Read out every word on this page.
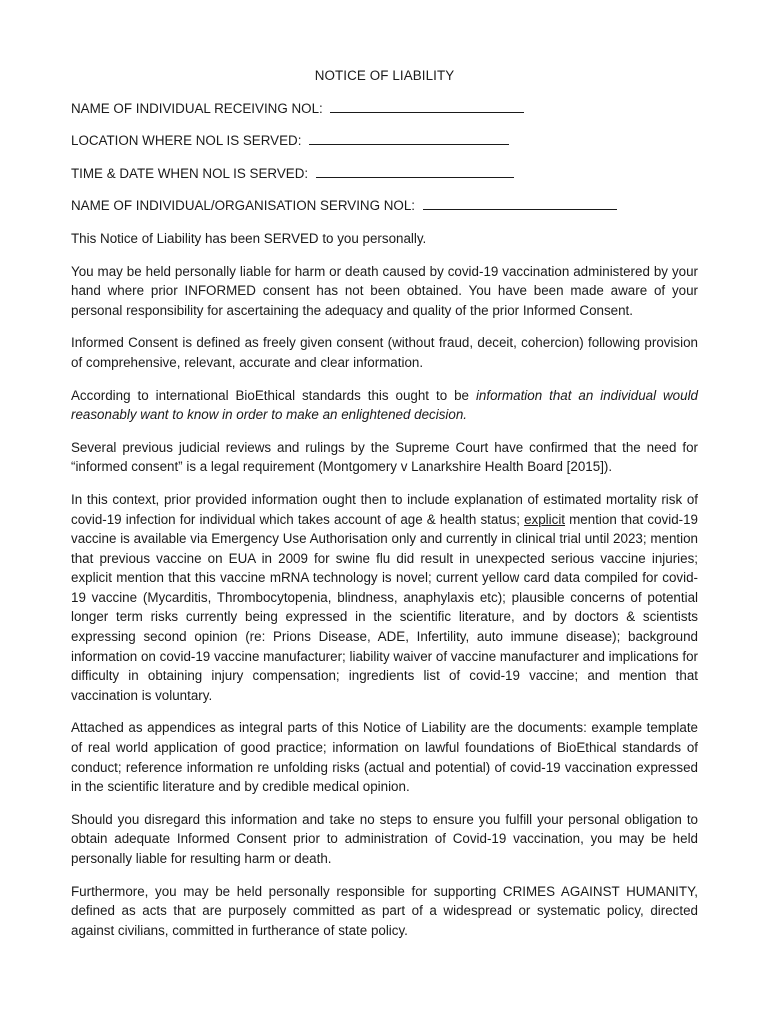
NOTICE OF LIABILITY
NAME OF INDIVIDUAL RECEIVING NOL:
LOCATION WHERE NOL IS SERVED:
TIME & DATE WHEN NOL IS SERVED:
NAME OF INDIVIDUAL/ORGANISATION SERVING NOL:

This Notice of Liability has been SERVED to you personally.

You may be held personally liable for harm or death caused by covid-19 vaccination administered by your hand where prior INFORMED consent has not been obtained. You have been made aware of your personal responsibility for ascertaining the adequacy and quality of the prior Informed Consent.

Informed Consent is defined as freely given consent (without fraud, deceit, cohercion) following provision of comprehensive, relevant, accurate and clear information.

According to international BioEthical standards this ought to be information that an individual would reasonably want to know in order to make an enlightened decision.

Several previous judicial reviews and rulings by the Supreme Court have confirmed that the need for “informed consent” is a legal requirement (Montgomery v Lanarkshire Health Board [2015]).

In this context, prior provided information ought then to include explanation of estimated mortality risk of covid-19 infection for individual which takes account of age & health status; explicit mention that covid-19 vaccine is available via Emergency Use Authorisation only and currently in clinical trial until 2023; mention that previous vaccine on EUA in 2009 for swine flu did result in unexpected serious vaccine injuries; explicit mention that this vaccine mRNA technology is novel; current yellow card data compiled for covid-19 vaccine (Mycarditis, Thrombocytopenia, blindness, anaphylaxis etc); plausible concerns of potential longer term risks currently being expressed in the scientific literature, and by doctors & scientists expressing second opinion (re: Prions Disease, ADE, Infertility, auto immune disease); background information on covid-19 vaccine manufacturer; liability waiver of vaccine manufacturer and implications for difficulty in obtaining injury compensation; ingredients list of covid-19 vaccine; and mention that vaccination is voluntary.

Attached as appendices as integral parts of this Notice of Liability are the documents: example template of real world application of good practice; information on lawful foundations of BioEthical standards of conduct; reference information re unfolding risks (actual and potential) of covid-19 vaccination expressed in the scientific literature and by credible medical opinion.

Should you disregard this information and take no steps to ensure you fulfill your personal obligation to obtain adequate Informed Consent prior to administration of Covid-19 vaccination, you may be held personally liable for resulting harm or death.

Furthermore, you may be held personally responsible for supporting CRIMES AGAINST HUMANITY, defined as acts that are purposely committed as part of a widespread or systematic policy, directed against civilians, committed in furtherance of state policy.
